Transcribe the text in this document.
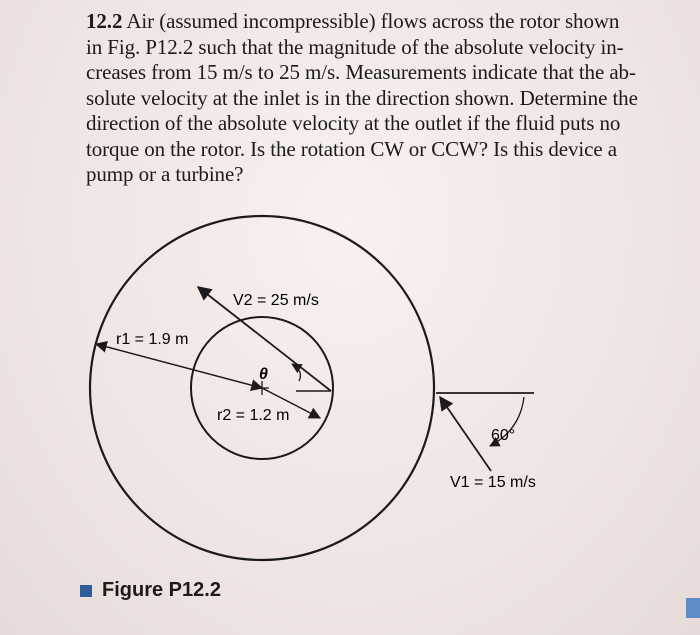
12.2 Air (assumed incompressible) flows across the rotor shown
in Fig. P12.2 such that the magnitude of the absolute velocity in-
creases from 15 m/s to 25 m/s. Measurements indicate that the ab-
solute velocity at the inlet is in the direction shown. Determine the
direction of the absolute velocity at the outlet if the fluid puts no
torque on the rotor. Is the rotation CW or CCW? Is this device a
pump or a turbine?
V2 = 25 m/s
r1 = 1.9 m
θ
r2 = 1.2 m
60°
V1 = 15 m/s
Figure P12.2
